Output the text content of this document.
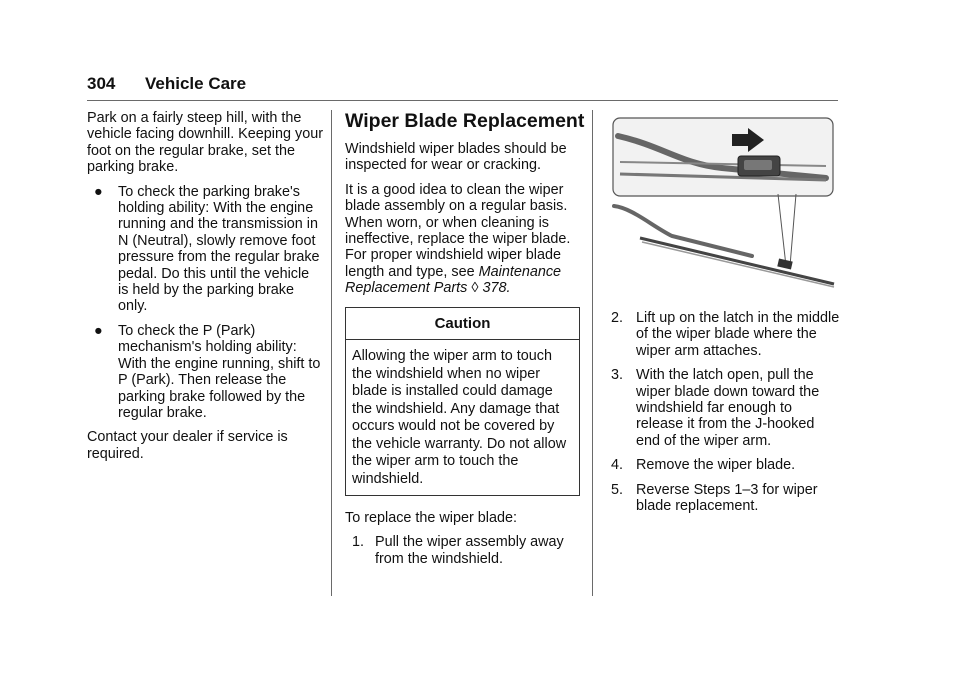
304 Vehicle Care

Park on a fairly steep hill, with the vehicle facing downhill. Keeping your foot on the regular brake, set the parking brake.

● To check the parking brake's holding ability: With the engine running and the transmission in N (Neutral), slowly remove foot pressure from the regular brake pedal. Do this until the vehicle is held by the parking brake only.
● To check the P (Park) mechanism's holding ability: With the engine running, shift to P (Park). Then release the parking brake followed by the regular brake.

Contact your dealer if service is required.

Wiper Blade Replacement

Windshield wiper blades should be inspected for wear or cracking.

It is a good idea to clean the wiper blade assembly on a regular basis. When worn, or when cleaning is ineffective, replace the wiper blade. For proper windshield wiper blade length and type, see Maintenance Replacement Parts ◊ 378.

Caution
Allowing the wiper arm to touch the windshield when no wiper blade is installed could damage the windshield. Any damage that occurs would not be covered by the vehicle warranty. Do not allow the wiper arm to touch the windshield.

To replace the wiper blade:

1. Pull the wiper assembly away from the windshield.
2. Lift up on the latch in the middle of the wiper blade where the wiper arm attaches.
3. With the latch open, pull the wiper blade down toward the windshield far enough to release it from the J-hooked end of the wiper arm.
4. Remove the wiper blade.
5. Reverse Steps 1–3 for wiper blade replacement.
